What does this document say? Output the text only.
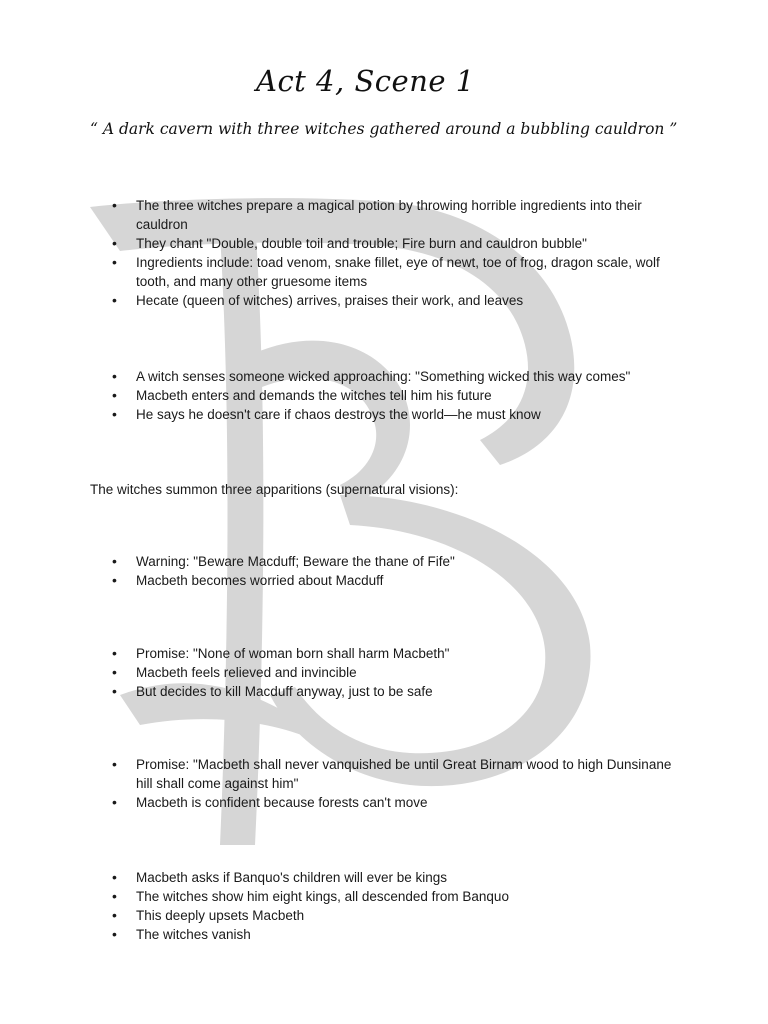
Act 4, Scene 1
“ A dark cavern with three witches gathered around a bubbling cauldron ”
• The three witches prepare a magical potion by throwing horrible ingredients into their cauldron
• They chant "Double, double toil and trouble; Fire burn and cauldron bubble"
• Ingredients include: toad venom, snake fillet, eye of newt, toe of frog, dragon scale, wolf tooth, and many other gruesome items
• Hecate (queen of witches) arrives, praises their work, and leaves
• A witch senses someone wicked approaching: "Something wicked this way comes"
• Macbeth enters and demands the witches tell him his future
• He says he doesn't care if chaos destroys the world—he must know
The witches summon three apparitions (supernatural visions):
• Warning: "Beware Macduff; Beware the thane of Fife"
• Macbeth becomes worried about Macduff
• Promise: "None of woman born shall harm Macbeth"
• Macbeth feels relieved and invincible
• But decides to kill Macduff anyway, just to be safe
• Promise: "Macbeth shall never vanquished be until Great Birnam wood to high Dunsinane hill shall come against him"
• Macbeth is confident because forests can't move
• Macbeth asks if Banquo's children will ever be kings
• The witches show him eight kings, all descended from Banquo
• This deeply upsets Macbeth
• The witches vanish
